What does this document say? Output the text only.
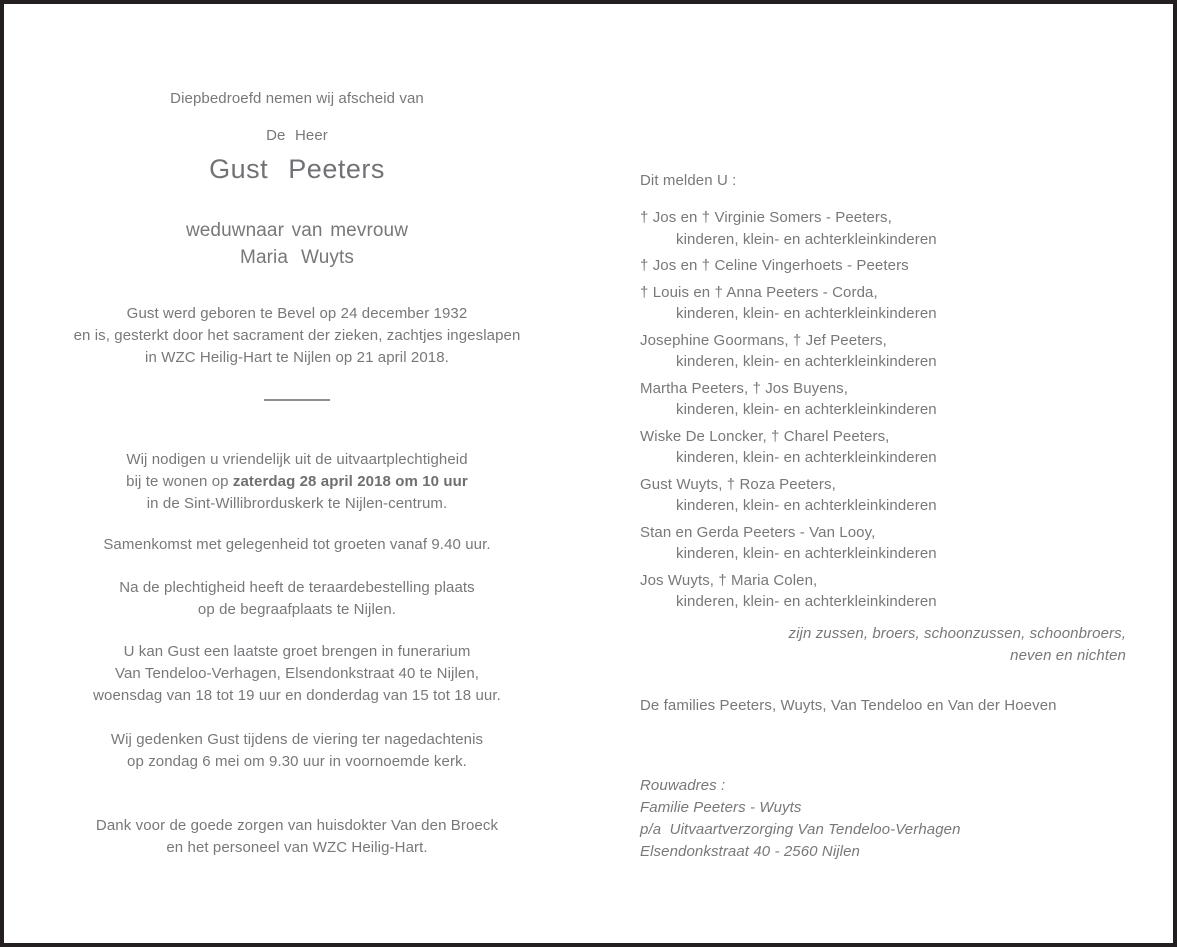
Diepbedroefd nemen wij afscheid van

De Heer

Gust Peeters
weduwnaar van mevrouw
Maria Wuyts
Gust werd geboren te Bevel op 24 december 1932
en is, gesterkt door het sacrament der zieken, zachtjes ingeslapen
in WZC Heilig-Hart te Nijlen op 21 april 2018.
Wij nodigen u vriendelijk uit de uitvaartplechtigheid
bij te wonen op zaterdag 28 april 2018 om 10 uur
in de Sint-Willibrorduskerk te Nijlen-centrum.

Samenkomst met gelegenheid tot groeten vanaf 9.40 uur.

Na de plechtigheid heeft de teraardebestelling plaats
op de begraafplaats te Nijlen.
U kan Gust een laatste groet brengen in funerarium
Van Tendeloo-Verhagen, Elsendonkstraat 40 te Nijlen,
woensdag van 18 tot 19 uur en donderdag van 15 tot 18 uur.
Wij gedenken Gust tijdens de viering ter nagedachtenis
op zondag 6 mei om 9.30 uur in voornoemde kerk.
Dank voor de goede zorgen van huisdokter Van den Broeck
en het personeel van WZC Heilig-Hart.

Dit melden U :

† Jos en † Virginie Somers - Peeters,
kinderen, klein- en achterkleinkinderen
† Jos en † Celine Vingerhoets - Peeters
† Louis en † Anna Peeters - Corda,
kinderen, klein- en achterkleinkinderen
Josephine Goormans, † Jef Peeters,
kinderen, klein- en achterkleinkinderen
Martha Peeters, † Jos Buyens,
kinderen, klein- en achterkleinkinderen
Wiske De Loncker, † Charel Peeters,
kinderen, klein- en achterkleinkinderen
Gust Wuyts, † Roza Peeters,
kinderen, klein- en achterkleinkinderen
Stan en Gerda Peeters - Van Looy,
kinderen, klein- en achterkleinkinderen
Jos Wuyts, † Maria Colen,
kinderen, klein- en achterkleinkinderen
zijn zussen, broers, schoonzussen, schoonbroers,
neven en nichten

De families Peeters, Wuyts, Van Tendeloo en Van der Hoeven

Rouwadres :
Familie Peeters - Wuyts
p/a  Uitvaartverzorging Van Tendeloo-Verhagen
Elsendonkstraat 40 - 2560 Nijlen
